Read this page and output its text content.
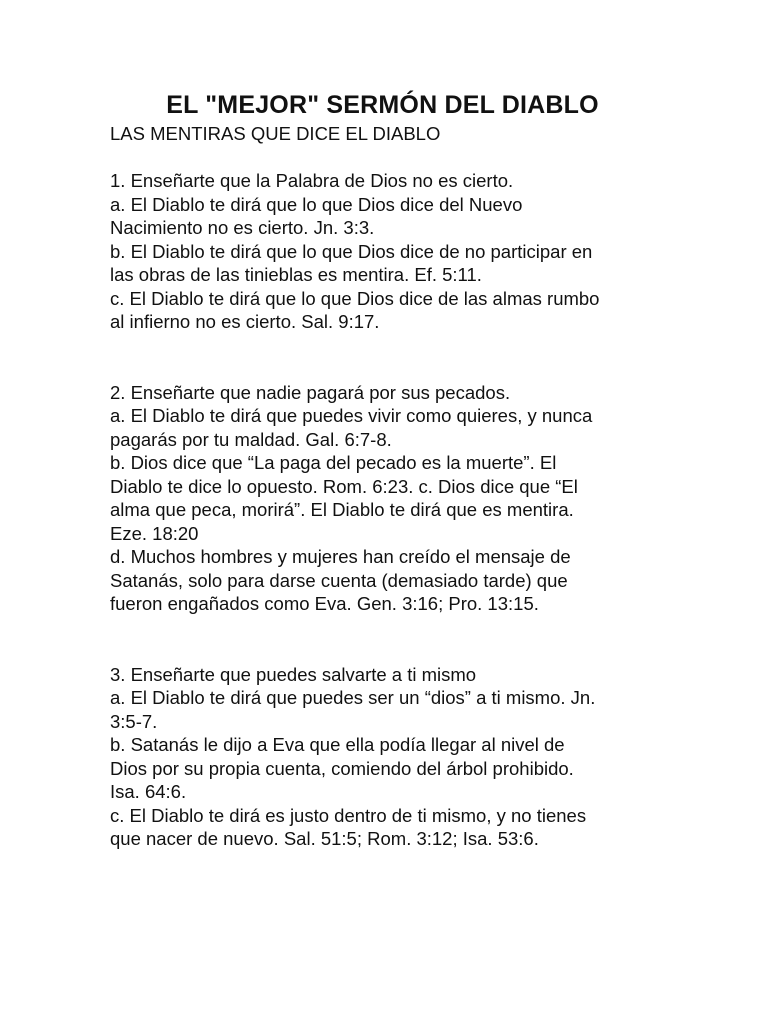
EL "MEJOR" SERMÓN DEL DIABLO

LAS MENTIRAS QUE DICE EL DIABLO

1. Enseñarte que la Palabra de Dios no es cierto.

a. El Diablo te dirá que lo que Dios dice del Nuevo

Nacimiento no es cierto. Jn. 3:3.

b. El Diablo te dirá que lo que Dios dice de no participar en

las obras de las tinieblas es mentira. Ef. 5:11.

c. El Diablo te dirá que lo que Dios dice de las almas rumbo

al infierno no es cierto. Sal. 9:17.

2. Enseñarte que nadie pagará por sus pecados.

a. El Diablo te dirá que puedes vivir como quieres, y nunca

pagarás por tu maldad. Gal. 6:7-8.

b. Dios dice que “La paga del pecado es la muerte”. El

Diablo te dice lo opuesto. Rom. 6:23. c. Dios dice que “El

alma que peca, morirá”. El Diablo te dirá que es mentira.

Eze. 18:20

d. Muchos hombres y mujeres han creído el mensaje de

Satanás, solo para darse cuenta (demasiado tarde) que

fueron engañados como Eva. Gen. 3:16; Pro. 13:15.

3. Enseñarte que puedes salvarte a ti mismo

a. El Diablo te dirá que puedes ser un “dios” a ti mismo. Jn.

3:5-7.

b. Satanás le dijo a Eva que ella podía llegar al nivel de

Dios por su propia cuenta, comiendo del árbol prohibido.

Isa. 64:6.

c. El Diablo te dirá es justo dentro de ti mismo, y no tienes

que nacer de nuevo. Sal. 51:5; Rom. 3:12; Isa. 53:6.
